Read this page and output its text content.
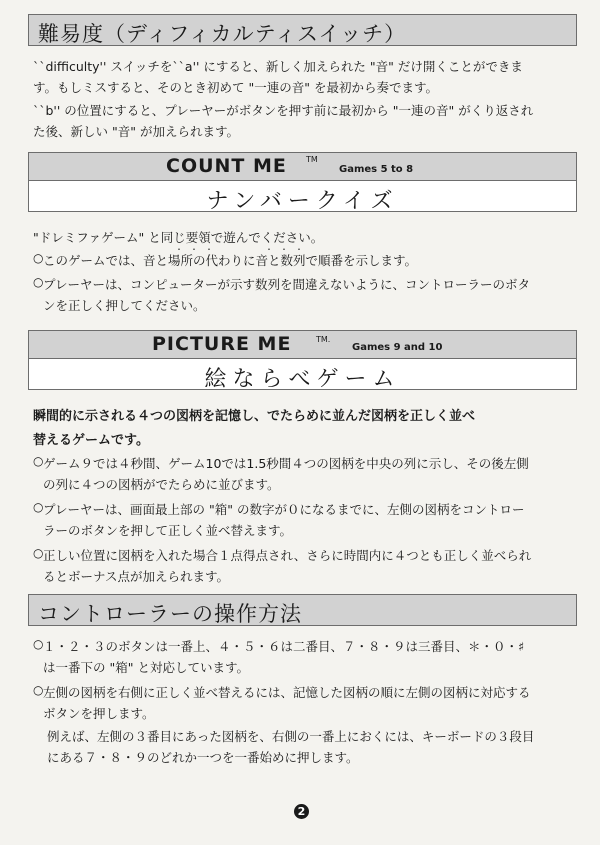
難易度（ディフィカルティスイッチ）
``difficulty'' スイッチを``a'' にすると、新しく加えられた "音" だけ開くことができま
す。もしミスすると、そのとき初めて "一連の音" を最初から奏でます。
``b'' の位置にすると、プレーヤーがボタンを押す前に最初から "一連の音" がくり返され
た後、新しい "音" が加えられます。
COUNT ME TM
Games 5 to 8
ナンバークイズ
"ドレミファゲーム" と同じ要領で遊んでください。
・・・　　　・・・
○ このゲームでは、音と場所の代わりに音と数列で順番を示します。
○ プレーヤーは、コンピューターが示す数列を間違えないように、コントローラーのボタ
ンを正しく押してください。
PICTURE ME	TM.
Games 9 and 10
絵ならべゲーム
瞬間的に示される４つの図柄を記憶し、でたらめに並んだ図柄を正しく並べ
替えるゲームです。
○ ゲーム９では４秒間、ゲーム10では1.5秒間４つの図柄を中央の列に示し、その後左側
の列に４つの図柄がでたらめに並びます。
○ プレーヤーは、画面最上部の "箱" の数字が０になるまでに、左側の図柄をコントロー
ラーのボタンを押して正しく並べ替えます。
○ 正しい位置に図柄を入れた場合１点得点され、さらに時間内に４つとも正しく並べられ
るとボーナス点が加えられます。
コントローラーの操作方法
○ １・２・３のボタンは一番上、４・５・６は二番目、７・８・９は三番目、＊・０・♯
は一番下の "箱" と対応しています。
○ 左側の図柄を右側に正しく並べ替えるには、記憶した図柄の順に左側の図柄に対応する
ボタンを押します。
例えば、左側の３番目にあった図柄を、右側の一番上におくには、キーボードの３段目
にある７・８・９のどれか一つを一番始めに押します。
2
